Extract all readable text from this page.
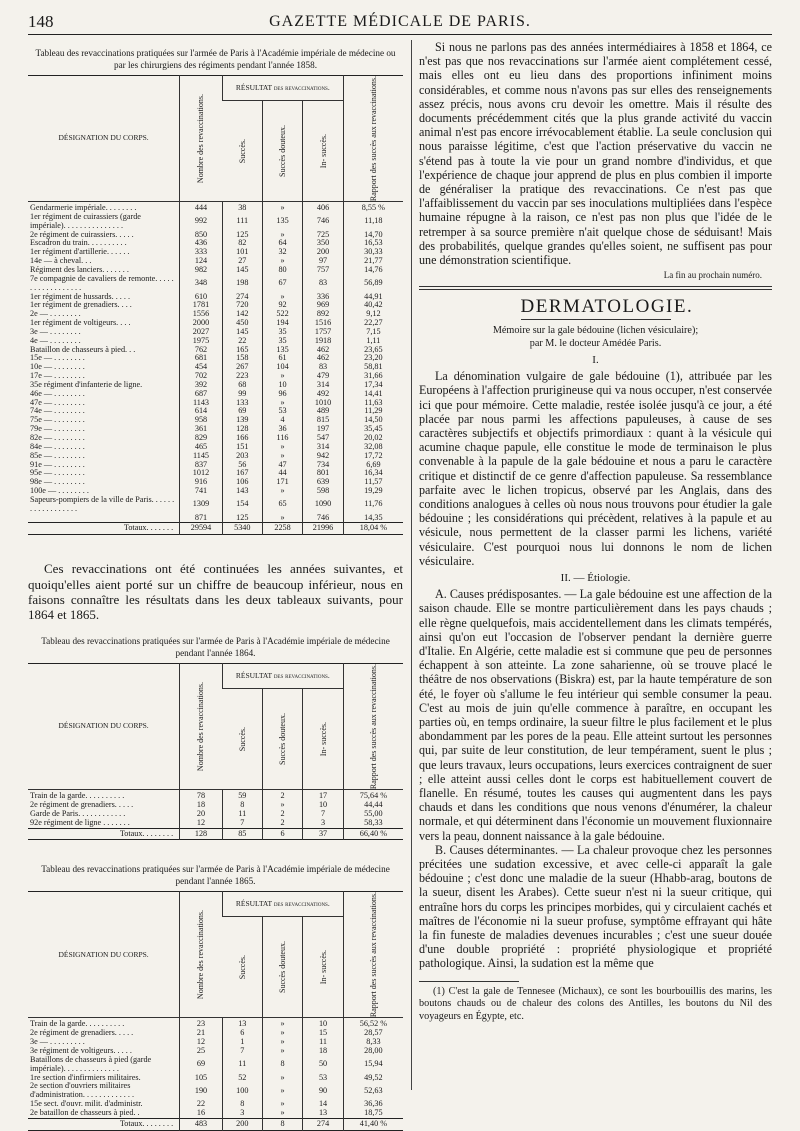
148	GAZETTE MÉDICALE DE PARIS.
Tableau des revaccinations pratiquées sur l'armée de Paris à l'Académie impériale de médecine ou par les chirurgiens des régiments pendant l'année 1858.
DÉSIGNATION DU CORPS.	Nombre des revaccinations.	RÉSULTAT des revaccinations.			Rapport des succès aux revaccinations.

		Succès.	Succès douteux.	In- succès.	

Gendarmerie impériale. . . . . . . .	444	38	»	406	8,55 %
1er régiment de cuirassiers (garde impériale). . . . . . . . . . . . . . .	992	111	135	746	11,18
2e régiment de cuirassiers. . . . .	850	125	»	725	14,70
Escadron du train. . . . . . . . . .	436	82	64	350	16,53
1er régiment d'artillerie. . . . . .	333	101	32	200	30,33
14e — à cheval. . .	124	27	»	97	21,77
Régiment des lanciers. . . . . . .	982	145	80	757	14,76
7e compagnie de cavaliers de remonte. . . . . . . . . . . . . . . . . .	348	198	67	83	56,89
1er régiment de hussards. . . . .	610	274	»	336	44,91
1er régiment de grenadiers. . . .	1781	720	92	969	40,42
2e — . . . . . . . .	1556	142	522	892	9,12
1er régiment de voltigeurs. . . .	2000	450	194	1516	22,27
3e — . . . . . . . .	2027	145	35	1757	7,15
4e — . . . . . . . .	1975	22	35	1918	1,11
Bataillon de chasseurs à pied. . .	762	165	135	462	23,65
15e — . . . . . . . .	681	158	61	462	23,20
10e — . . . . . . . .	454	267	104	83	58,81
17e — . . . . . . . .	702	223	»	479	31,66
35e régiment d'infanterie de ligne.	392	68	10	314	17,34
46e — . . . . . . . .	687	99	96	492	14,41
47e — . . . . . . . .	1143	133	»	1010	11,63
74e — . . . . . . . .	614	69	53	489	11,29
75e — . . . . . . . .	958	139	4	815	14,50
79e — . . . . . . . .	361	128	36	197	35,45
82e — . . . . . . . .	829	166	116	547	20,02
84e — . . . . . . . .	465	151	»	314	32,08
85e — . . . . . . . .	1145	203	»	942	17,72
91e — . . . . . . . .	837	56	47	734	6,69
95e — . . . . . . . .	1012	167	44	801	16,34
98e — . . . . . . . .	916	106	171	639	11,57
100e — . . . . . . . .	741	143	»	598	19,29
Sapeurs-pompiers de la ville de Paris. . . . . . . . . . . . . . . . . .	1309	154	65	1090	11,76
	871	125	»	746	14,35
Totaux. . . . . . .	29594	5340	2258	21996	18,04 %

Ces revaccinations ont été continuées les années suivantes, et quoiqu'elles aient porté sur un chiffre de beaucoup inférieur, nous en faisons connaître les résultats dans les deux tableaux suivants, pour 1864 et 1865.

Tableau des revaccinations pratiquées sur l'armée de Paris à l'Académie impériale de médecine pendant l'année 1864.
DÉSIGNATION DU CORPS.	Nombre des revaccinations.	RÉSULTAT des revaccinations.			Rapport des succès aux revaccinations.

		Succès.	Succès douteux.	In- succès.	

Train de la garde. . . . . . . . . .	78	59	2	17	75,64 %
2e régiment de grenadiers. . . . .	18	8	»	10	44,44
Garde de Paris. . . . . . . . . . . .	20	11	2	7	55,00
92e régiment de ligne . . . . . . .	12	7	2	3	58,33
Totaux. . . . . . . .	128	85	6	37	66,40 %
Tableau des revaccinations pratiquées sur l'armée de Paris à l'Académie impériale de médecine pendant l'année 1865.
DÉSIGNATION DU CORPS.	Nombre des revaccinations.	RÉSULTAT des revaccinations.			Rapport des succès aux revaccinations.

		Succès.	Succès douteux.	In- succès.	

Train de la garde. . . . . . . . . .	23	13	»	10	56,52 %
2e régiment de grenadiers. . . . .	21	6	»	15	28,57
3e — . . . . . . . . .	12	1	»	11	8,33
3e régiment de voltigeurs. . . . .	25	7	»	18	28,00
Bataillons de chasseurs à pied (garde impériale). . . . . . . . . . . . . .	69	11	8	50	15,94
1re section d'infirmiers militaires.	105	52	»	53	49,52
2e section d'ouvriers militaires d'administration. . . . . . . . . . . . .	190	100	»	90	52,63
15e sect. d'ouvr. milit. d'administr.	22	8	»	14	36,36
2e bataillon de chasseurs à pied. .	16	3	»	13	18,75
Totaux. . . . . . . .	483	200	8	274	41,40 %

Si nous ne parlons pas des années intermédiaires à 1858 et 1864, ce n'est pas que nos revaccinations sur l'armée aient complétement cessé, mais elles ont eu lieu dans des proportions infiniment moins considérables, et comme nous n'avons pas sur elles des renseignements assez précis, nous avons cru devoir les omettre. Mais il résulte des documents précédemment cités que la plus grande activité du vaccin animal n'est pas encore irrévocablement établie. La seule conclusion qui nous paraisse légitime, c'est que l'action préservative du vaccin ne s'étend pas à toute la vie pour un grand nombre d'individus, et que l'expérience de chaque jour apprend de plus en plus combien il importe de généraliser la pratique des revaccinations. Ce n'est pas que l'affaiblissement du vaccin par ses inoculations multipliées dans l'espèce humaine répugne à la raison, ce n'est pas non plus que l'idée de le retremper à sa source première n'ait quelque chose de séduisant! Mais des probabilités, quelque grandes qu'elles soient, ne suffisent pas pour une démonstration scientifique.

La fin au prochain numéro.
DERMATOLOGIE.

Mémoire sur la gale bédouine (lichen vésiculaire);

par M. le docteur Amédée Paris.

I.

La dénomination vulgaire de gale bédouine (1), attribuée par les Européens à l'affection prurigineuse qui va nous occuper, n'est conservée ici que pour mémoire. Cette maladie, restée isolée jusqu'à ce jour, a été placée par nous parmi les affections papuleuses, à cause de ses caractères subjectifs et objectifs primordiaux : quant à la vésicule qui acumine chaque papule, elle constitue le mode de terminaison le plus convenable à la papule de la gale bédouine et nous a paru le caractère critique et distinctif de ce genre d'affection papuleuse. Sa ressemblance parfaite avec le lichen tropicus, observé par les Anglais, dans des conditions analogues à celles où nous nous trouvons pour étudier la gale bédouine ; les considérations qui précèdent, relatives à la papule et au vésicule, nous permettent de la classer parmi les lichens, variété vésiculaire. C'est pourquoi nous lui donnons le nom de lichen vésiculaire.

II. — Étiologie.

A. Causes prédisposantes. — La gale bédouine est une affection de la saison chaude. Elle se montre particulièrement dans les pays chauds ; elle règne quelquefois, mais accidentellement dans les climats tempérés, ainsi qu'on eut l'occasion de l'observer pendant la dernière guerre d'Italie. En Algérie, cette maladie est si commune que peu de personnes échappent à son atteinte. La zone saharienne, où se trouve placé le théâtre de nos observations (Biskra) est, par la haute température de son été, le foyer où s'allume le feu intérieur qui semble consumer la peau. C'est au mois de juin qu'elle commence à paraître, en occupant les parties où, en temps ordinaire, la sueur filtre le plus facilement et le plus abondamment par les pores de la peau. Elle atteint surtout les personnes qui, par suite de leur constitution, de leur tempérament, suent le plus ; que leurs travaux, leurs occupations, leurs exercices contraignent de suer ; elle atteint aussi celles dont le corps est habituellement couvert de flanelle. En résumé, toutes les causes qui augmentent dans les pays chauds et dans les conditions que nous venons d'énumérer, la chaleur normale, et qui déterminent dans l'économie un mouvement fluxionnaire vers la peau, donnent naissance à la gale bédouine.

B. Causes déterminantes. — La chaleur provoque chez les personnes précitées une sudation excessive, et avec celle-ci apparaît la gale bédouine ; c'est donc une maladie de la sueur (Hhabb-arag, boutons de la sueur, disent les Arabes). Cette sueur n'est ni la sueur critique, qui entraîne hors du corps les principes morbides, qui y circulaient cachés et maîtres de l'économie ni la sueur profuse, symptôme effrayant qui hâte la fin funeste de maladies devenues incurables ; c'est une sueur douée d'une double propriété : propriété physiologique et propriété pathologique. Ainsi, la sudation est la même que

(1) C'est la gale de Tennesee (Michaux), ce sont les bourbouillis des marins, les boutons chauds ou de chaleur des colons des Antilles, les boutons du Nil des voyageurs en Égypte, etc.
